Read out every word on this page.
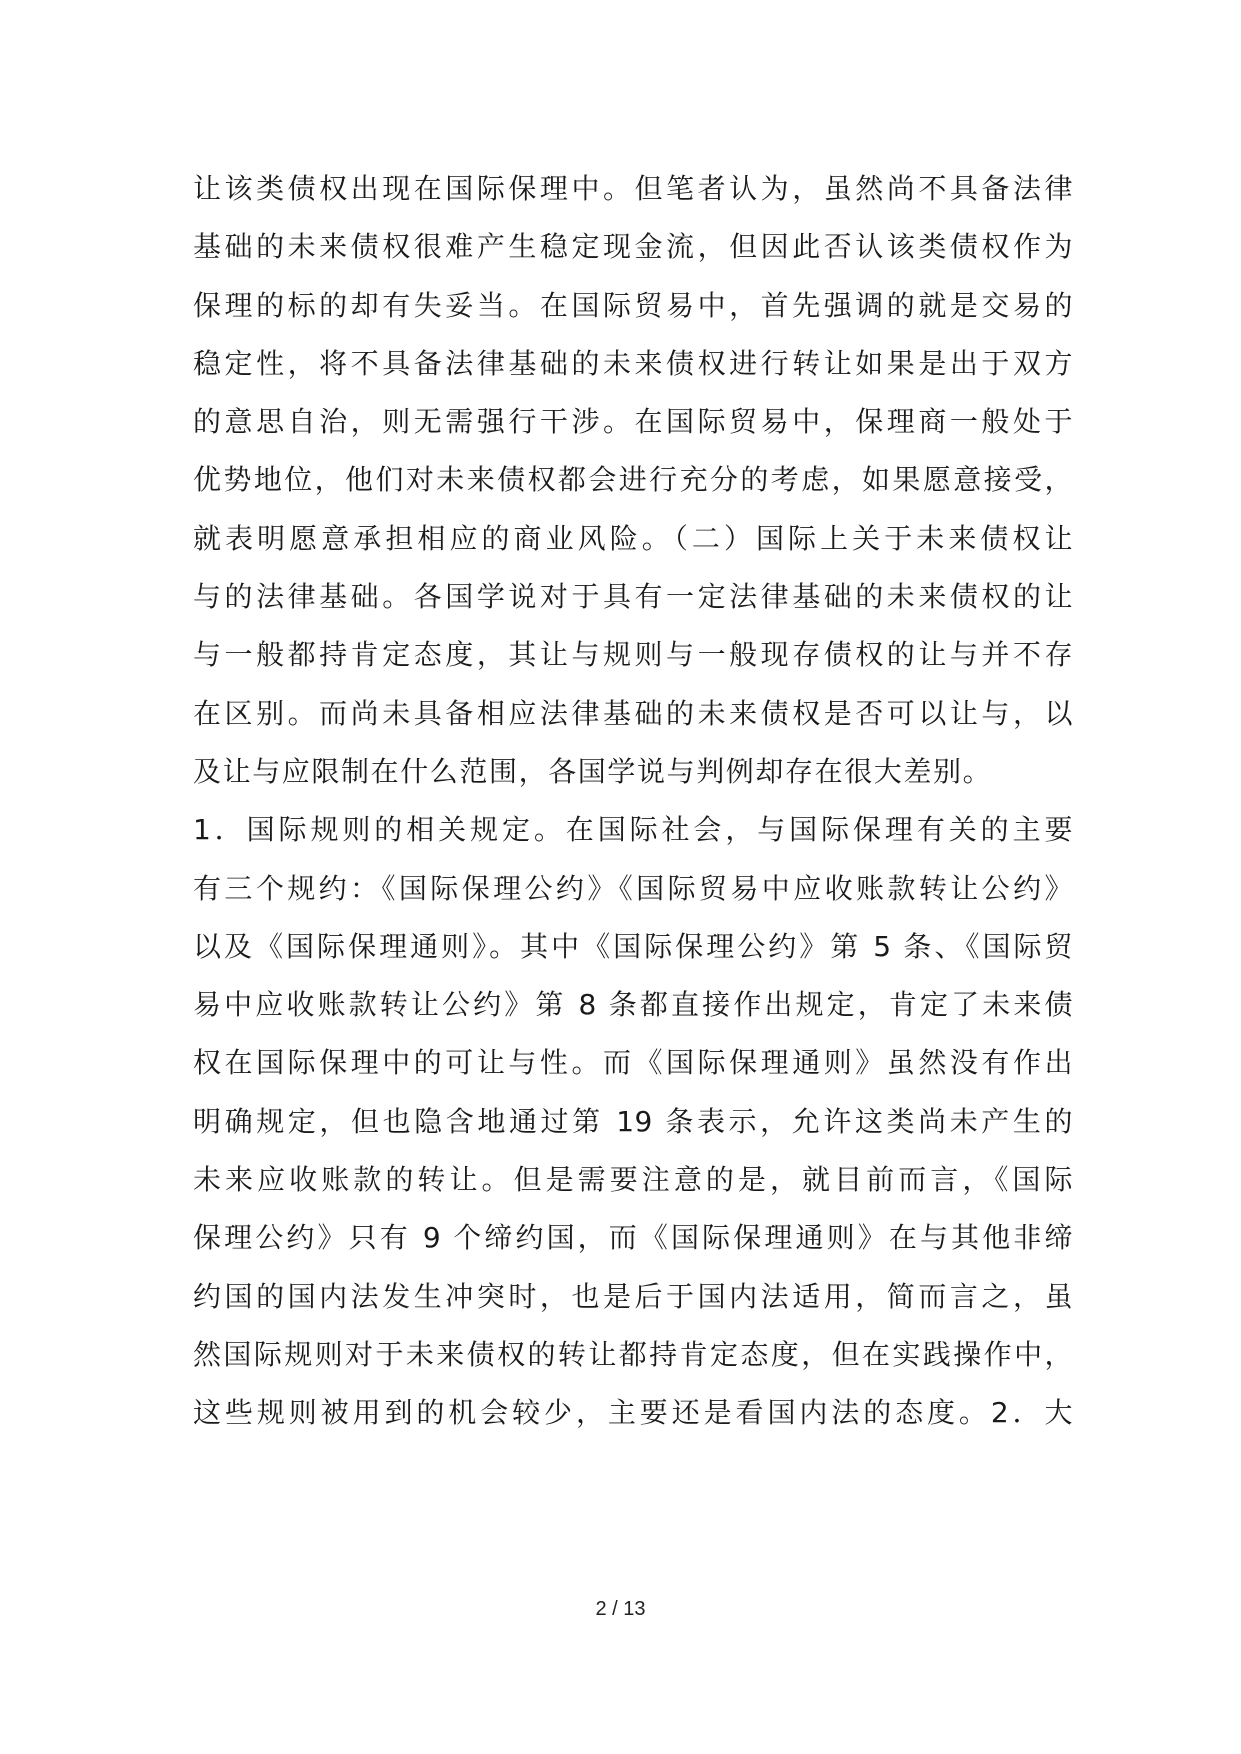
让该类债权出现在国际保理中。但笔者认为，虽然尚不具备法律
基础的未来债权很难产生稳定现金流，但因此否认该类债权作为
保理的标的却有失妥当。在国际贸易中，首先强调的就是交易的
稳定性，将不具备法律基础的未来债权进行转让如果是出于双方
的意思自治，则无需强行干涉。在国际贸易中，保理商一般处于
优势地位，他们对未来债权都会进行充分的考虑，如果愿意接受，
就表明愿意承担相应的商业风险。（二）国际上关于未来债权让
与的法律基础。各国学说对于具有一定法律基础的未来债权的让
与一般都持肯定态度，其让与规则与一般现存债权的让与并不存
在区别。而尚未具备相应法律基础的未来债权是否可以让与，以
及让与应限制在什么范围，各国学说与判例却存在很大差别。
1．国际规则的相关规定。在国际社会，与国际保理有关的主要
有三个规约：《国际保理公约》《国际贸易中应收账款转让公约》
以及《国际保理通则》。其中《国际保理公约》第 5 条、《国际贸
易中应收账款转让公约》第 8 条都直接作出规定，肯定了未来债
权在国际保理中的可让与性。而《国际保理通则》虽然没有作出
明确规定，但也隐含地通过第 19 条表示，允许这类尚未产生的
未来应收账款的转让。但是需要注意的是，就目前而言，《国际
保理公约》只有 9 个缔约国，而《国际保理通则》在与其他非缔
约国的国内法发生冲突时，也是后于国内法适用，简而言之，虽
然国际规则对于未来债权的转让都持肯定态度，但在实践操作中，
这些规则被用到的机会较少，主要还是看国内法的态度。2．大
2 / 13
